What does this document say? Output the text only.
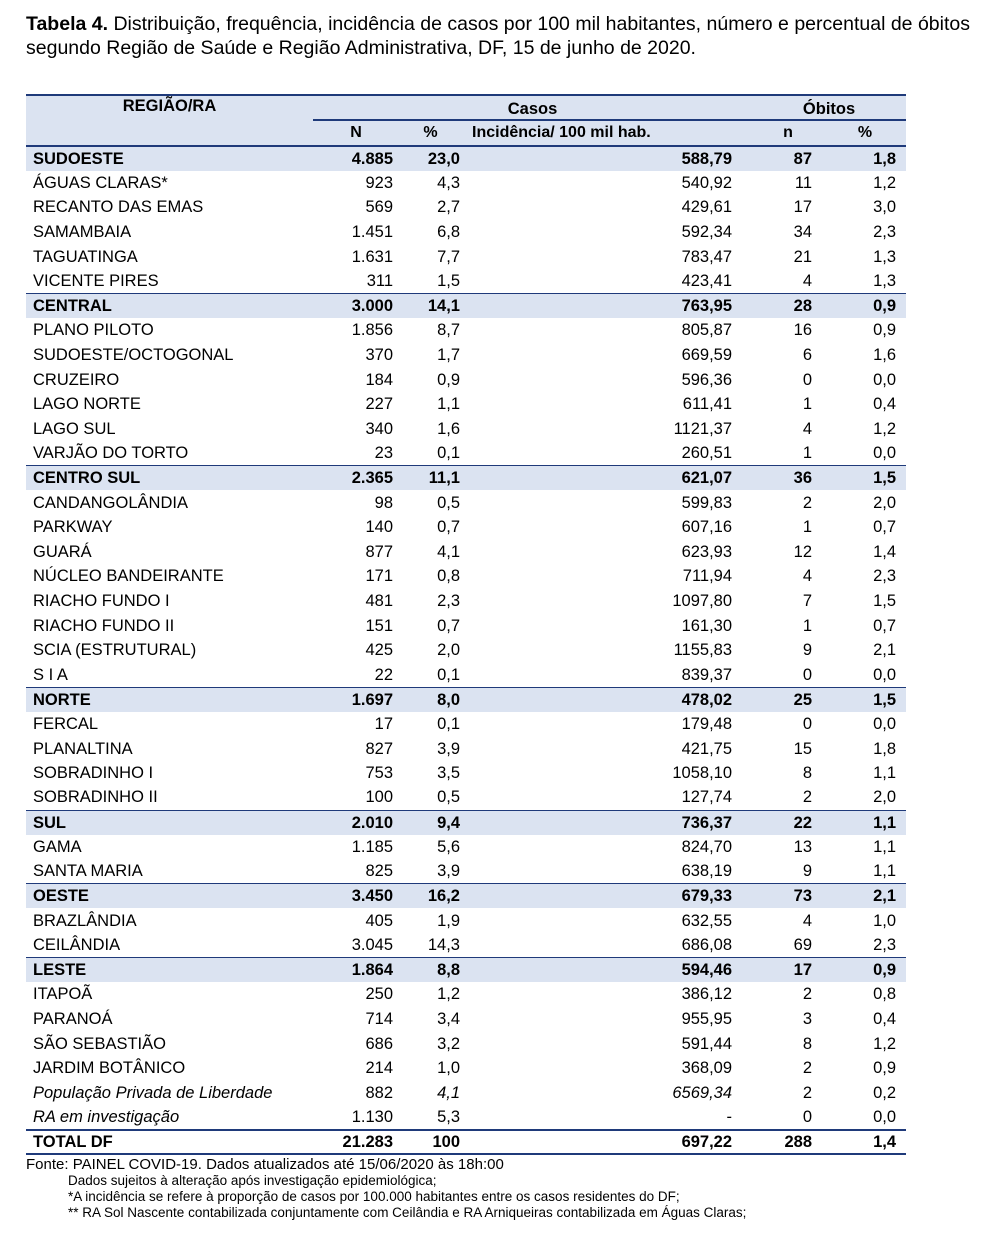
Tabela 4. Distribuição, frequência, incidência de casos por 100 mil habitantes, número e percentual de óbitos segundo Região de Saúde e Região Administrativa, DF, 15 de junho de 2020.
REGIÃO/RA	Casos			Óbitos	
	N	%	Incidência/ 100 mil hab.	n	%
SUDOESTE	4.885	23,0	588,79	87	1,8
ÁGUAS CLARAS*	923	4,3	540,92	11	1,2
RECANTO DAS EMAS	569	2,7	429,61	17	3,0
SAMAMBAIA	1.451	6,8	592,34	34	2,3
TAGUATINGA	1.631	7,7	783,47	21	1,3
VICENTE PIRES	311	1,5	423,41	4	1,3
CENTRAL	3.000	14,1	763,95	28	0,9
PLANO PILOTO	1.856	8,7	805,87	16	0,9
SUDOESTE/OCTOGONAL	370	1,7	669,59	6	1,6
CRUZEIRO	184	0,9	596,36	0	0,0
LAGO NORTE	227	1,1	611,41	1	0,4
LAGO SUL	340	1,6	1121,37	4	1,2
VARJÃO DO TORTO	23	0,1	260,51	1	0,0
CENTRO SUL	2.365	11,1	621,07	36	1,5
CANDANGOLÂNDIA	98	0,5	599,83	2	2,0
PARKWAY	140	0,7	607,16	1	0,7
GUARÁ	877	4,1	623,93	12	1,4
NÚCLEO BANDEIRANTE	171	0,8	711,94	4	2,3
RIACHO FUNDO I	481	2,3	1097,80	7	1,5
RIACHO FUNDO II	151	0,7	161,30	1	0,7
SCIA (ESTRUTURAL)	425	2,0	1155,83	9	2,1
S I A	22	0,1	839,37	0	0,0
NORTE	1.697	8,0	478,02	25	1,5
FERCAL	17	0,1	179,48	0	0,0
PLANALTINA	827	3,9	421,75	15	1,8
SOBRADINHO I	753	3,5	1058,10	8	1,1
SOBRADINHO II	100	0,5	127,74	2	2,0
SUL	2.010	9,4	736,37	22	1,1
GAMA	1.185	5,6	824,70	13	1,1
SANTA MARIA	825	3,9	638,19	9	1,1
OESTE	3.450	16,2	679,33	73	2,1
BRAZLÂNDIA	405	1,9	632,55	4	1,0
CEILÂNDIA	3.045	14,3	686,08	69	2,3
LESTE	1.864	8,8	594,46	17	0,9
ITAPOÃ	250	1,2	386,12	2	0,8
PARANOÁ	714	3,4	955,95	3	0,4
SÃO SEBASTIÃO	686	3,2	591,44	8	1,2
JARDIM BOTÂNICO	214	1,0	368,09	2	0,9
População Privada de Liberdade	882	4,1	6569,34	2	0,2
RA em investigação	1.130	5,3	-	0	0,0
TOTAL DF	21.283	100	697,22	288	1,4
Fonte: PAINEL COVID-19. Dados atualizados até 15/06/2020 às 18h:00
Dados sujeitos à alteração após investigação epidemiológica;
*A incidência se refere à proporção de casos por 100.000 habitantes entre os casos residentes do DF;
** RA Sol Nascente contabilizada conjuntamente com Ceilândia e RA Arniqueiras contabilizada em Águas Claras;
